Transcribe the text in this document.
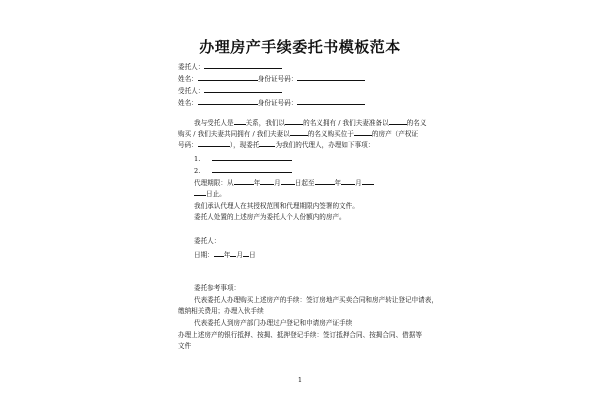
办理房产手续委托书模板范本
委托人：
姓名：	身份证号码：
受托人：
姓名：	身份证号码：
我与受托人是 关系，我们以	的名义拥有 / 我们夫妻准备以	的名义
购买 / 我们夫妻共同拥有 / 我们夫妻以	的名义购买位于	的房产（产权证
号码：	），现委托 为我们的代理人，办理如下事项：
1.
2.
代理期限：从	年 月 日起至	年 月
日止。
我们承认代理人在其授权范围和代理期限内签署的文件。
委托人处置的上述房产为委托人个人份额内的房产。
委托人：
日期： 年 月 日
委托参考事项：
代表委托人办理购买上述房产的手续：签订房地产买卖合同和房产转让登记申请表，
缴纳相关费用；办理入伙手续
代表委托人到房产部门办理过户登记和申请房产证手续
办理上述房产的银行抵押、按揭、抵押登记手续：签订抵押合同、按揭合同、借据等
文件
1
